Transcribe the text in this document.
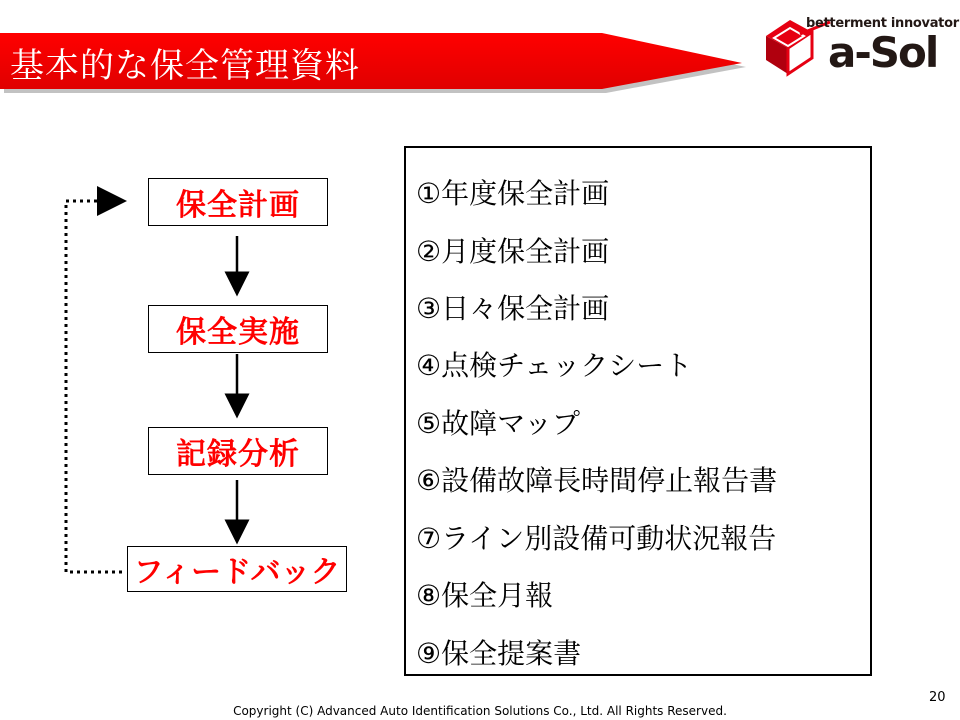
基本的な保全管理資料
betterment innovator
a-Sol
保全計画
保全実施
記録分析
フィードバック
①年度保全計画
②月度保全計画
③日々保全計画
④点検チェックシート
⑤故障マップ
⑥設備故障長時間停止報告書
⑦ライン別設備可動状況報告
⑧保全月報
⑨保全提案書
20
Copyright (C) Advanced Auto Identification Solutions Co., Ltd. All Rights Reserved.
